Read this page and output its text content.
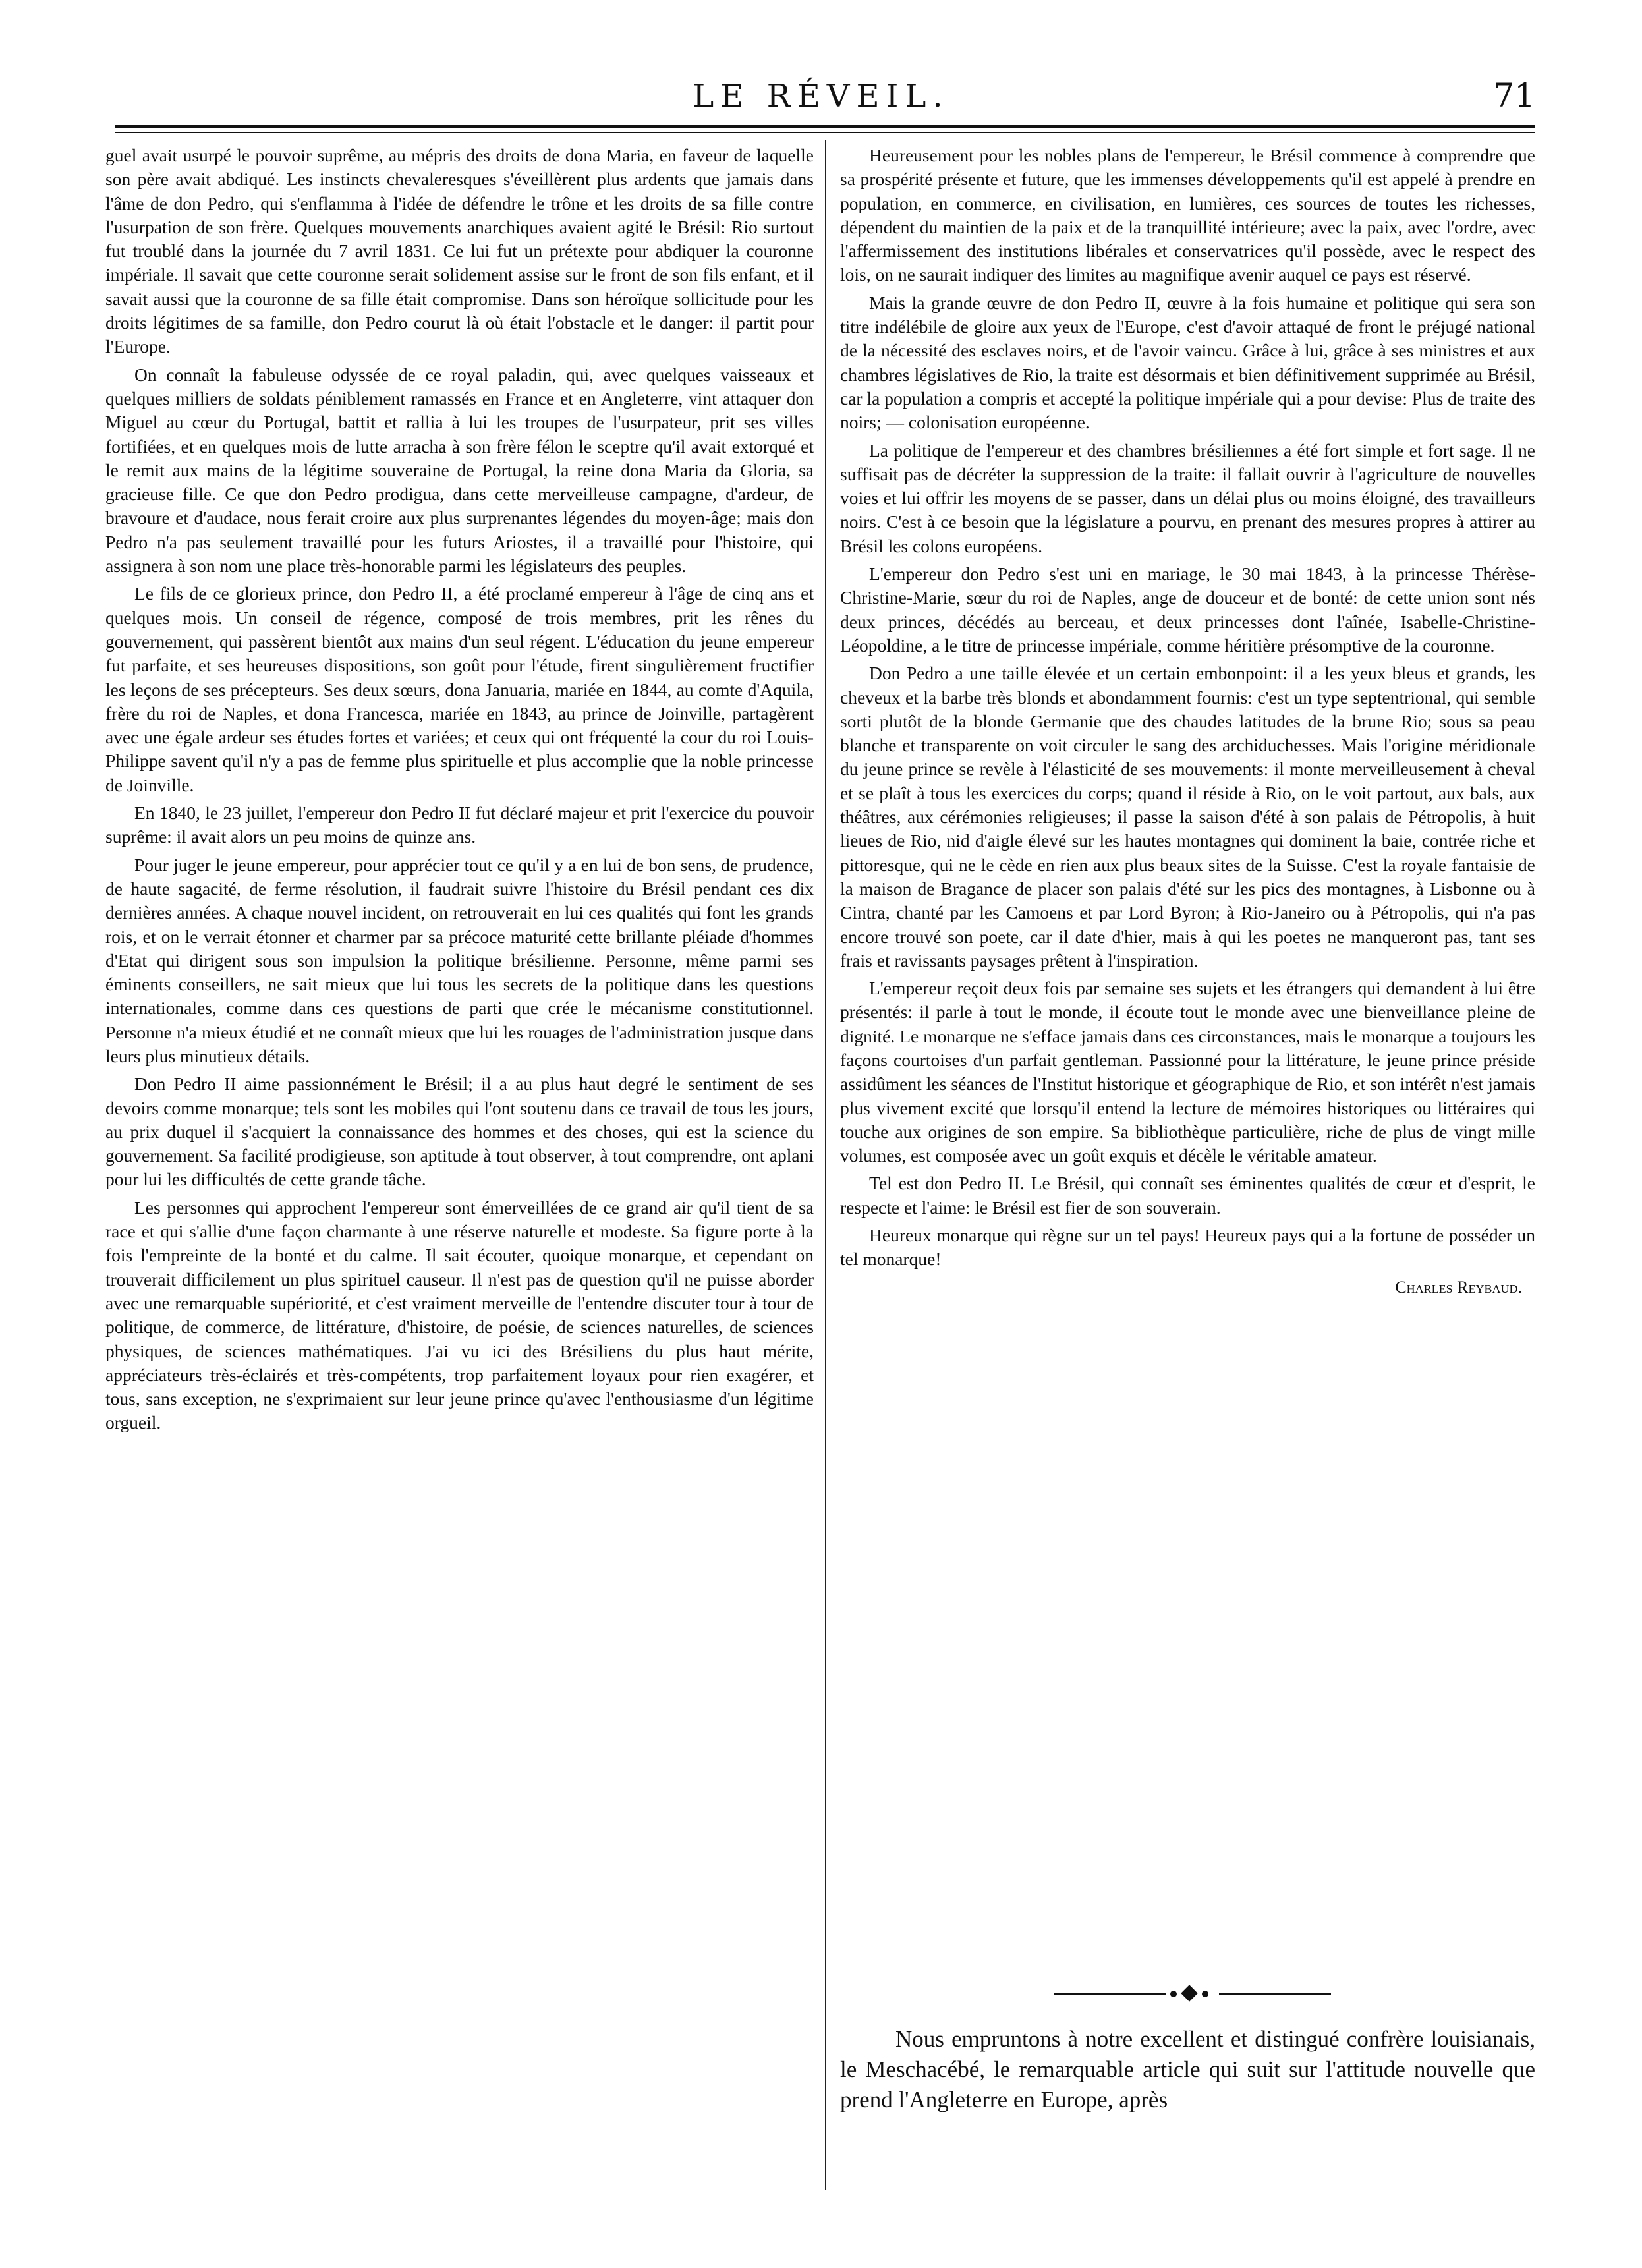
LE RÉVEIL.	71

guel avait usurpé le pouvoir suprême, au mépris des droits de dona Maria, en faveur de laquelle son père avait abdiqué. Les instincts chevaleresques s'éveillèrent plus ardents que jamais dans l'âme de don Pedro, qui s'enflamma à l'idée de défendre le trône et les droits de sa fille contre l'usurpation de son frère. Quelques mouvements anarchiques avaient agité le Brésil: Rio surtout fut troublé dans la journée du 7 avril 1831. Ce lui fut un prétexte pour abdiquer la couronne impériale. Il savait que cette couronne serait solidement assise sur le front de son fils enfant, et il savait aussi que la couronne de sa fille était compromise. Dans son héroïque sollicitude pour les droits légitimes de sa famille, don Pedro courut là où était l'obstacle et le danger: il partit pour l'Europe.

On connaît la fabuleuse odyssée de ce royal paladin, qui, avec quelques vaisseaux et quelques milliers de soldats péniblement ramassés en France et en Angleterre, vint attaquer don Miguel au cœur du Portugal, battit et rallia à lui les troupes de l'usurpateur, prit ses villes fortifiées, et en quelques mois de lutte arracha à son frère félon le sceptre qu'il avait extorqué et le remit aux mains de la légitime souveraine de Portugal, la reine dona Maria da Gloria, sa gracieuse fille. Ce que don Pedro prodigua, dans cette merveilleuse campagne, d'ardeur, de bravoure et d'audace, nous ferait croire aux plus surprenantes légendes du moyen-âge; mais don Pedro n'a pas seulement travaillé pour les futurs Ariostes, il a travaillé pour l'histoire, qui assignera à son nom une place très-honorable parmi les législateurs des peuples.

Le fils de ce glorieux prince, don Pedro II, a été proclamé empereur à l'âge de cinq ans et quelques mois. Un conseil de régence, composé de trois membres, prit les rênes du gouvernement, qui passèrent bientôt aux mains d'un seul régent. L'éducation du jeune empereur fut parfaite, et ses heureuses dispositions, son goût pour l'étude, firent singulièrement fructifier les leçons de ses précepteurs. Ses deux sœurs, dona Januaria, mariée en 1844, au comte d'Aquila, frère du roi de Naples, et dona Francesca, mariée en 1843, au prince de Joinville, partagèrent avec une égale ardeur ses études fortes et variées; et ceux qui ont fréquenté la cour du roi Louis-Philippe savent qu'il n'y a pas de femme plus spirituelle et plus accomplie que la noble princesse de Joinville.

En 1840, le 23 juillet, l'empereur don Pedro II fut déclaré majeur et prit l'exercice du pouvoir suprême: il avait alors un peu moins de quinze ans.

Pour juger le jeune empereur, pour apprécier tout ce qu'il y a en lui de bon sens, de prudence, de haute sagacité, de ferme résolution, il faudrait suivre l'histoire du Brésil pendant ces dix dernières années. A chaque nouvel incident, on retrouverait en lui ces qualités qui font les grands rois, et on le verrait étonner et charmer par sa précoce maturité cette brillante pléiade d'hommes d'Etat qui dirigent sous son impulsion la politique brésilienne. Personne, même parmi ses éminents conseillers, ne sait mieux que lui tous les secrets de la politique dans les questions internationales, comme dans ces questions de parti que crée le mécanisme constitutionnel. Personne n'a mieux étudié et ne connaît mieux que lui les rouages de l'administration jusque dans leurs plus minutieux détails.

Don Pedro II aime passionnément le Brésil; il a au plus haut degré le sentiment de ses devoirs comme monarque; tels sont les mobiles qui l'ont soutenu dans ce travail de tous les jours, au prix duquel il s'acquiert la connaissance des hommes et des choses, qui est la science du gouvernement. Sa facilité prodigieuse, son aptitude à tout observer, à tout comprendre, ont aplani pour lui les difficultés de cette grande tâche.

Les personnes qui approchent l'empereur sont émerveillées de ce grand air qu'il tient de sa race et qui s'allie d'une façon charmante à une réserve naturelle et modeste. Sa figure porte à la fois l'empreinte de la bonté et du calme. Il sait écouter, quoique monarque, et cependant on trouverait difficilement un plus spirituel causeur. Il n'est pas de question qu'il ne puisse aborder avec une remarquable supériorité, et c'est vraiment merveille de l'entendre discuter tour à tour de politique, de commerce, de littérature, d'histoire, de poésie, de sciences naturelles, de sciences physiques, de sciences mathématiques. J'ai vu ici des Brésiliens du plus haut mérite, appréciateurs très-éclairés et très-compétents, trop parfaitement loyaux pour rien exagérer, et tous, sans exception, ne s'exprimaient sur leur jeune prince qu'avec l'enthousiasme d'un légitime orgueil.

Heureusement pour les nobles plans de l'empereur, le Brésil commence à comprendre que sa prospérité présente et future, que les immenses développements qu'il est appelé à prendre en population, en commerce, en civilisation, en lumières, ces sources de toutes les richesses, dépendent du maintien de la paix et de la tranquillité intérieure; avec la paix, avec l'ordre, avec l'affermissement des institutions libérales et conservatrices qu'il possède, avec le respect des lois, on ne saurait indiquer des limites au magnifique avenir auquel ce pays est réservé.

Mais la grande œuvre de don Pedro II, œuvre à la fois humaine et politique qui sera son titre indélébile de gloire aux yeux de l'Europe, c'est d'avoir attaqué de front le préjugé national de la nécessité des esclaves noirs, et de l'avoir vaincu. Grâce à lui, grâce à ses ministres et aux chambres législatives de Rio, la traite est désormais et bien définitivement supprimée au Brésil, car la population a compris et accepté la politique impériale qui a pour devise: Plus de traite des noirs; — colonisation européenne.

La politique de l'empereur et des chambres brésiliennes a été fort simple et fort sage. Il ne suffisait pas de décréter la suppression de la traite: il fallait ouvrir à l'agriculture de nouvelles voies et lui offrir les moyens de se passer, dans un délai plus ou moins éloigné, des travailleurs noirs. C'est à ce besoin que la législature a pourvu, en prenant des mesures propres à attirer au Brésil les colons européens.

L'empereur don Pedro s'est uni en mariage, le 30 mai 1843, à la princesse Thérèse-Christine-Marie, sœur du roi de Naples, ange de douceur et de bonté: de cette union sont nés deux princes, décédés au berceau, et deux princesses dont l'aînée, Isabelle-Christine-Léopoldine, a le titre de princesse impériale, comme héritière présomptive de la couronne.

Don Pedro a une taille élevée et un certain embonpoint: il a les yeux bleus et grands, les cheveux et la barbe très blonds et abondamment fournis: c'est un type septentrional, qui semble sorti plutôt de la blonde Germanie que des chaudes latitudes de la brune Rio; sous sa peau blanche et transparente on voit circuler le sang des archiduchesses. Mais l'origine méridionale du jeune prince se revèle à l'élasticité de ses mouvements: il monte merveilleusement à cheval et se plaît à tous les exercices du corps; quand il réside à Rio, on le voit partout, aux bals, aux théâtres, aux cérémonies religieuses; il passe la saison d'été à son palais de Pétropolis, à huit lieues de Rio, nid d'aigle élevé sur les hautes montagnes qui dominent la baie, contrée riche et pittoresque, qui ne le cède en rien aux plus beaux sites de la Suisse. C'est la royale fantaisie de la maison de Bragance de placer son palais d'été sur les pics des montagnes, à Lisbonne ou à Cintra, chanté par les Camoens et par Lord Byron; à Rio-Janeiro ou à Pétropolis, qui n'a pas encore trouvé son poete, car il date d'hier, mais à qui les poetes ne manqueront pas, tant ses frais et ravissants paysages prêtent à l'inspiration.

L'empereur reçoit deux fois par semaine ses sujets et les étrangers qui demandent à lui être présentés: il parle à tout le monde, il écoute tout le monde avec une bienveillance pleine de dignité. Le monarque ne s'efface jamais dans ces circonstances, mais le monarque a toujours les façons courtoises d'un parfait gentleman. Passionné pour la littérature, le jeune prince préside assidûment les séances de l'Institut historique et géographique de Rio, et son intérêt n'est jamais plus vivement excité que lorsqu'il entend la lecture de mémoires historiques ou littéraires qui touche aux origines de son empire. Sa bibliothèque particulière, riche de plus de vingt mille volumes, est composée avec un goût exquis et décèle le véritable amateur.

Tel est don Pedro II. Le Brésil, qui connaît ses éminentes qualités de cœur et d'esprit, le respecte et l'aime: le Brésil est fier de son souverain.

Heureux monarque qui règne sur un tel pays! Heureux pays qui a la fortune de posséder un tel monarque!

Charles Reybaud.

Nous empruntons à notre excellent et distingué confrère louisianais, le Meschacébé, le remarquable article qui suit sur l'attitude nouvelle que prend l'Angleterre en Europe, après
